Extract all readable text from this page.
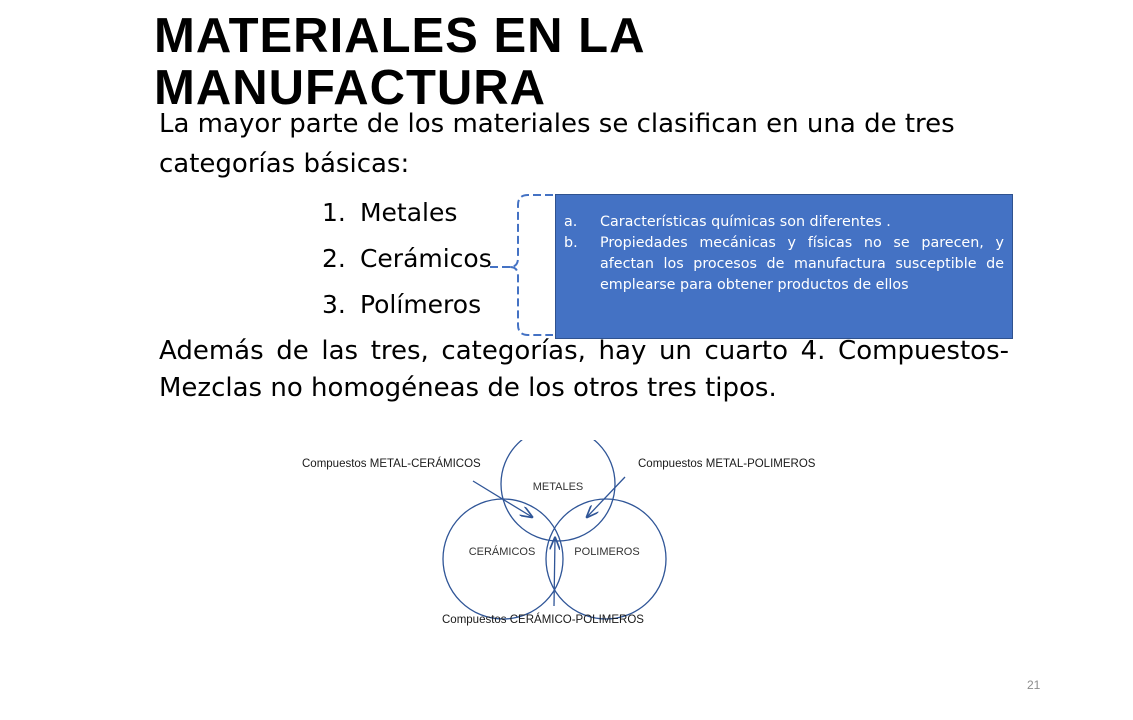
MATERIALES EN LA MANUFACTURA

La mayor parte de los materiales se clasifican en una de tres categorías básicas:

1. Metales
2. Cerámicos
3. Polímeros
a.	Características químicas son diferentes .
b.	Propiedades mecánicas y físicas no se parecen, y afectan los procesos de manufactura susceptible de emplearse para obtener productos de ellos

Además de las tres, categorías, hay un cuarto 4. Compuestos- Mezclas no homogéneas de los otros tres tipos.

METALES
CERÁMICOS	POLIMEROS
Compuestos METAL-CERÁMICOS	Compuestos METAL-POLIMEROS
Compuestos CERÁMICO-POLIMEROS
21
